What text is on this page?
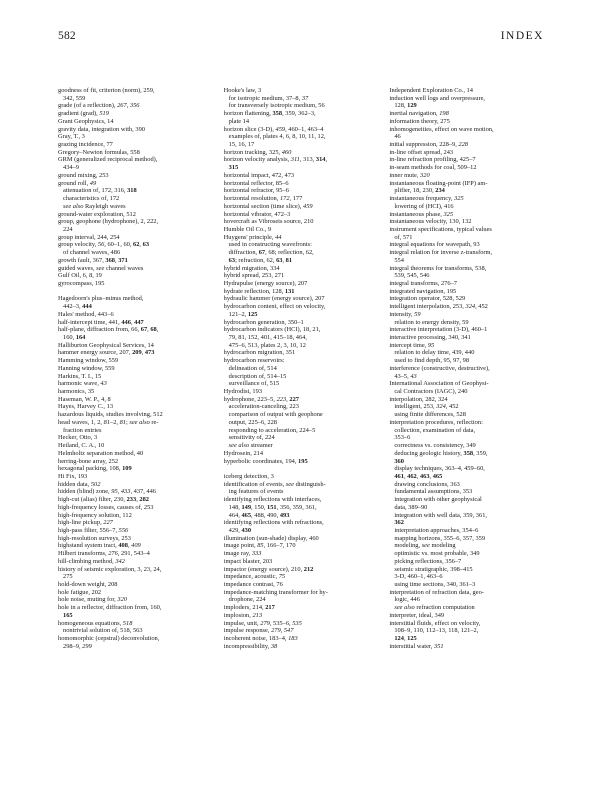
582	INDEX
goodness of fit, criterion (norm), 259,
342, 559
grade (of a reflection), 267, 356
gradient (grad), 519
Grant Geophysics, 14
gravity data, integration with, 390
Gray, T., 3
grazing incidence, 77
Gregory–Newton formulas, 558
GRM (generalized reciprocal method),
434–9
ground mixing, 253
ground roll, 49
attenuation of, 172, 316, 318
characteristics of, 172
see also Rayleigh waves
ground-water exploration, 512
group, geophone (hydrophone), 2, 222,
224
group interval, 244, 254
group velocity, 56, 60–1, 60, 62, 63
of channel waves, 486
growth fault, 367, 368, 371
guided waves, see channel waves
Gulf Oil, 6, 8, 19
gyrocompass, 195
Hagedoorn's plus–minus method,
442–3, 444
Hales' method, 443–6
half-intercept time, 441, 446, 447
half-plane, diffraction from, 66, 67, 68,
160, 164
Halliburton Geophysical Services, 14
hammer energy source, 207, 209, 473
Hamming window, 559
Hanning window, 559
Harkins, T. I., 15
harmonic wave, 43
harmonics, 35
Haseman, W. P., 4, 8
Hayes, Harvey C., 13
hazardous liquids, studies involving, 512
head waves, 1, 2, 81–2, 81; see also re-
fraction entries
Hecker, Otto, 3
Heiland, C. A., 10
Helmholtz separation method, 40
herring-bone array, 252
hexagonal packing, 108, 109
Hi Fix, 193
hidden data, 502
hidden (blind) zone, 95, 433, 437, 446
high-cut (alias) filter, 230, 233, 282
high-frequency losses, causes of, 253
high-frequency solution, 112
high-line pickup, 227
high-pass filter, 556–7, 556
high-resolution surveys, 253
highstand system tract, 408, 409
Hilbert transforms, 276, 291, 543–4
hill-climbing method, 342
history of seismic exploration, 3, 23, 24,
275
hold-down weight, 208
hole fatigue, 202
hole noise, muting for, 320
hole in a reflector, diffraction from, 160,
165
homogeneous equations, 518
nontrivial solution of, 518, 563
homomorphic (cepstral) deconvolution,
298–9, 299
Hooke's law, 3
for isotropic medium, 37–8, 37
for transversely isotropic medium, 56
horizon flattening, 358, 359, 362–3,
plate 14
horizon slice (3-D), 459, 460–1, 463–4
examples of, plates 4, 6, 8, 10, 11, 12,
15, 16, 17
horizon tracking, 325, 460
horizon velocity analysis, 311, 313, 314,
315
horizontal impact, 472, 473
horizontal reflector, 85–6
horizontal refractor, 95–6
horizontal resolution, 172, 177
horizontal section (time slice), 459
horizontal vibrator, 472–3
hovercraft as Vibroseis source, 210
Humble Oil Co., 9
Huygens' principle, 44
used in constructing wavefronts:
diffraction, 67, 68; reflection, 62,
63; refraction, 62, 63, 81
hybrid migration, 334
hybrid spread, 253, 271
Hydrapulse (energy source), 207
hydrate reflection, 128, 131
hydraulic hammer (energy source), 207
hydrocarbon content, effect on velocity,
121–2, 125
hydrocarbon generation, 350–1
hydrocarbon indicators (HCI), 18, 21,
79, 81, 152, 401, 415–18, 464,
475–6, 513, plates 2, 3, 10, 12
hydrocarbon migration, 351
hydrocarbon reservoirs:
delineation of, 514
description of, 514–15
surveillance of, 515
Hydrodist, 193
hydrophone, 223–5, 223, 227
acceleration-canceling, 223
comparison of output with geophone
output, 225–6, 228
responding to acceleration, 224–5
sensitivity of, 224
see also streamer
Hydrosein, 214
hyperbolic coordinates, 194, 195
iceberg detection, 3
identification of events, see distinguish-
ing features of events
identifying reflections with interfaces,
148, 149, 150, 151, 356, 359, 361,
464, 465, 488, 490, 493
identifying reflections with refractions,
429, 430
illumination (sun-shade) display, 460
image point, 85, 166–7, 170
image ray, 333
impact blaster, 203
impactor (energy source), 210, 212
impedance, acoustic, 75
impedance contrast, 76
impedance-matching transformer for hy-
drophone, 224
imploders, 214, 217
implosion, 213
impulse, unit, 279, 535–6, 535
impulse response, 279, 547
incoherent noise, 183–4, 183
incompressibility, 38
Independent Exploration Co., 14
induction well logs and overpressure,
128, 129
inertial navigation, 198
information theory, 275
inhomogeneities, effect on wave motion,
46
initial suppression, 228–9, 228
in-line offset spread, 243
in-line refraction profiling, 425–7
in-seam methods for coal, 509–12
inner mute, 320
instantaneous floating-point (IFP) am-
plifier, 18, 230, 234
instantaneous frequency, 325
lowering of (HCI), 416
instantaneous phase, 325
instantaneous velocity, 130, 132
instrument specifications, typical values
of, 571
integral equations for wavepath, 93
integral relation for inverse z-transform,
554
integral theorems for transforms, 538,
539, 545, 546
integral transforms, 276–7
integrated navigation, 195
integration operator, 528, 529
intelligent interpolation, 253, 324, 452
intensity, 59
relation to energy density, 59
interactive interpretation (3-D), 460–1
interactive processing, 340, 341
intercept time, 95
relation to delay time, 439, 440
used to find depth, 95, 97, 98
interference (constructive, destructive),
43–5, 43
International Association of Geophysi-
cal Contractors (IAGC), 240
interpolation, 282, 324
intelligent, 253, 324, 452
using finite differences, 528
interpretation procedures, reflection:
collection, examination of data,
353–6
correctness vs. consistency, 349
deducing geologic history, 358, 359,
360
display techniques, 363–4, 459–60,
461, 462, 463, 465
drawing conclusions, 363
fundamental assumptions, 353
integration with other geophysical
data, 389–90
integration with well data, 359, 361,
362
interpretation approaches, 354–6
mapping horizons, 355–6, 357, 359
modeling, see modeling
optimistic vs. most probable, 349
picking reflections, 356–7
seismic stratigraphic, 398–415
3-D, 460–1, 463–6
using time sections, 340, 361–3
interpretation of refraction data, geo-
logic, 446
see also refraction computation
interpreter, ideal, 349
interstitial fluids, effect on velocity,
108–9, 110, 112–13, 118, 121–2,
124, 125
interstitial water, 351
